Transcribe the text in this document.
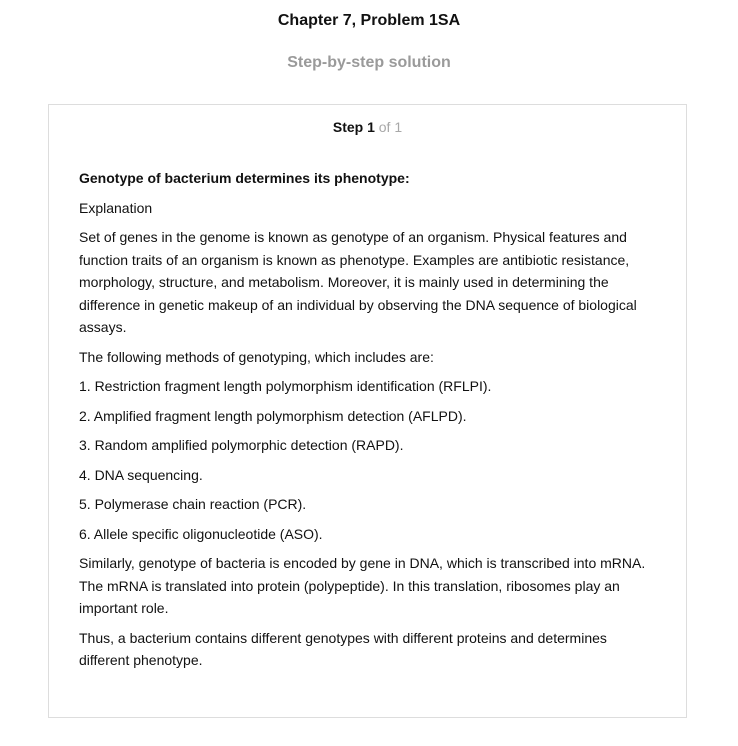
Chapter 7, Problem 1SA
Step-by-step solution
Step 1 of 1

Genotype of bacterium determines its phenotype:

Explanation

Set of genes in the genome is known as genotype of an organism. Physical features and function traits of an organism is known as phenotype. Examples are antibiotic resistance, morphology, structure, and metabolism. Moreover, it is mainly used in determining the difference in genetic makeup of an individual by observing the DNA sequence of biological assays.

The following methods of genotyping, which includes are:

1. Restriction fragment length polymorphism identification (RFLPI).

2. Amplified fragment length polymorphism detection (AFLPD).

3. Random amplified polymorphic detection (RAPD).

4. DNA sequencing.

5. Polymerase chain reaction (PCR).

6. Allele specific oligonucleotide (ASO).

Similarly, genotype of bacteria is encoded by gene in DNA, which is transcribed into mRNA. The mRNA is translated into protein (polypeptide). In this translation, ribosomes play an important role.

Thus, a bacterium contains different genotypes with different proteins and determines different phenotype.
